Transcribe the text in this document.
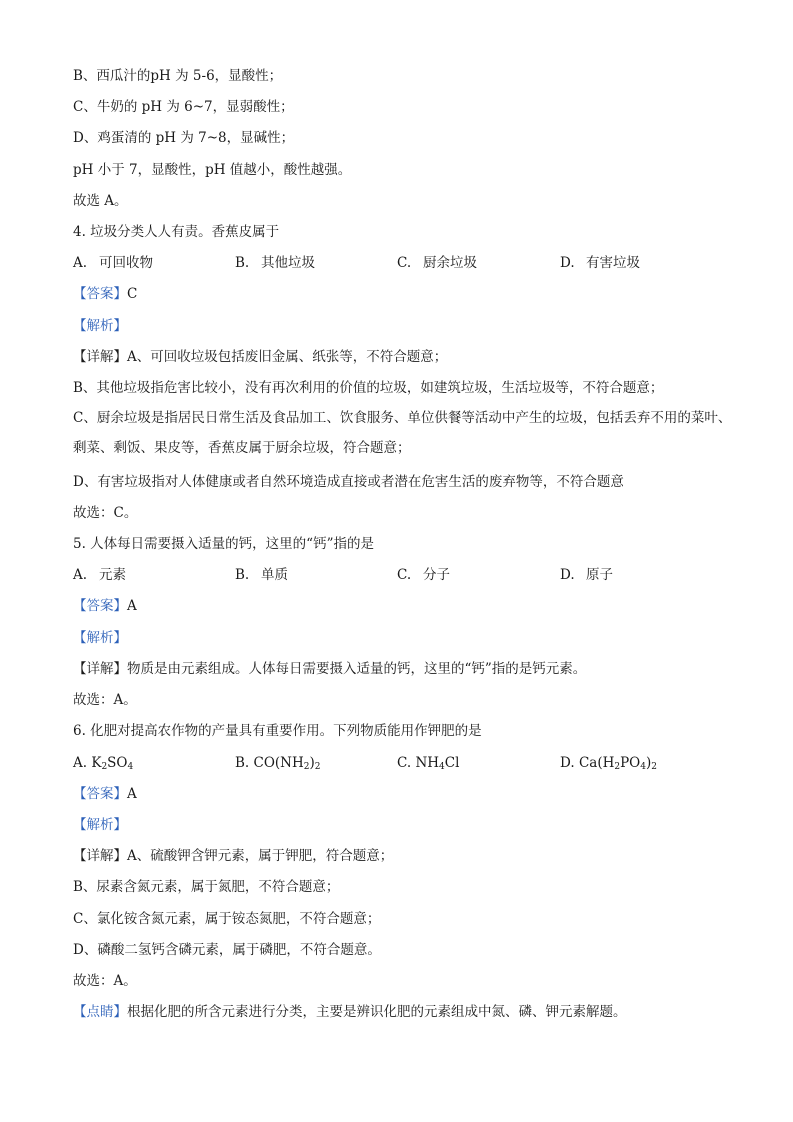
B、西瓜汁的pH 为 5-6，显酸性；
C、牛奶的 pH 为 6~7，显弱酸性；
D、鸡蛋清的 pH 为 7~8，显碱性；
pH 小于 7，显酸性，pH 值越小，酸性越强。
故选 A。
4. 垃圾分类人人有责。香蕉皮属于
A. 可回收物	B. 其他垃圾	C. 厨余垃圾	D. 有害垃圾
【答案】C
【解析】
【详解】A、可回收垃圾包括废旧金属、纸张等，不符合题意；
B、其他垃圾指危害比较小，没有再次利用的价值的垃圾，如建筑垃圾，生活垃圾等，不符合题意；
C、厨余垃圾是指居民日常生活及食品加工、饮食服务、单位供餐等活动中产生的垃圾，包括丢弃不用的菜叶、剩菜、剩饭、果皮等，香蕉皮属于厨余垃圾，符合题意；
D、有害垃圾指对人体健康或者自然环境造成直接或者潜在危害生活的废弃物等，不符合题意
故选：C。
5. 人体每日需要摄入适量的钙，这里的“钙”指的是
A. 元素	B. 单质	C. 分子	D. 原子
【答案】A
【解析】
【详解】物质是由元素组成。人体每日需要摄入适量的钙，这里的“钙”指的是钙元素。
故选：A。
6. 化肥对提高农作物的产量具有重要作用。下列物质能用作钾肥的是
A. $K_2SO_4$	B. $CO(NH_2)_2$	C. $NH_4Cl$	D. $Ca(H_2PO_4)_2$
【答案】A
【解析】
【详解】A、硫酸钾含钾元素，属于钾肥，符合题意；
B、尿素含氮元素，属于氮肥，不符合题意；
C、氯化铵含氮元素，属于铵态氮肥，不符合题意；
D、磷酸二氢钙含磷元素，属于磷肥，不符合题意。
故选：A。
【点睛】根据化肥的所含元素进行分类，主要是辨识化肥的元素组成中氮、磷、钾元素解题。
